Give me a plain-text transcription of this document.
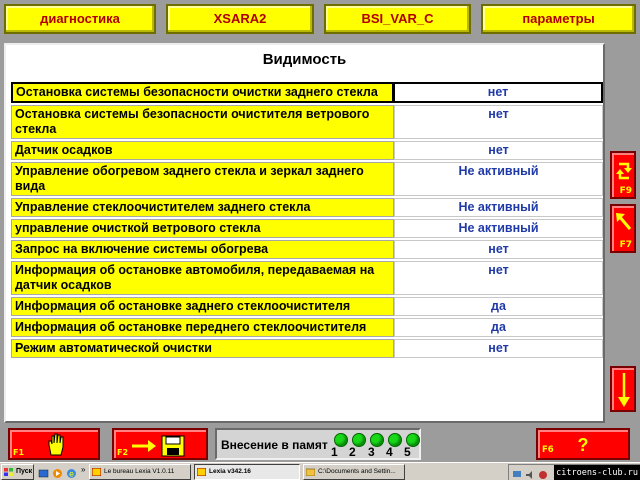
диагностика	XSARA2	BSI_VAR_C	параметры
Видимость
Остановка системы безопасности очистки заднего стекла	нет
Остановка системы безопасности очистителя ветрового стекла	нет
Датчик осадков	нет
Управление обогревом заднего стекла и зеркал заднего вида	Не активный
Управление стеклоочистителем заднего стекла	Не активный
управление очисткой ветрового стекла	Не активный
Запрос на включение системы обогрева	нет
Информация об остановке автомобиля, передаваемая на датчик осадков	нет
Информация об остановке заднего стеклоочистителя	да
Информация об остановке переднего стеклоочистителя	да
Режим автоматической очистки	нет
F9
F7
F1	F2
Внесение в памят 1 2 3 4 5	?
F6
Пуск	e »	Le bureau Lexia V1.0.11	Lexia v342.16	C:\Documents and Settin...	citroens-club.ru
